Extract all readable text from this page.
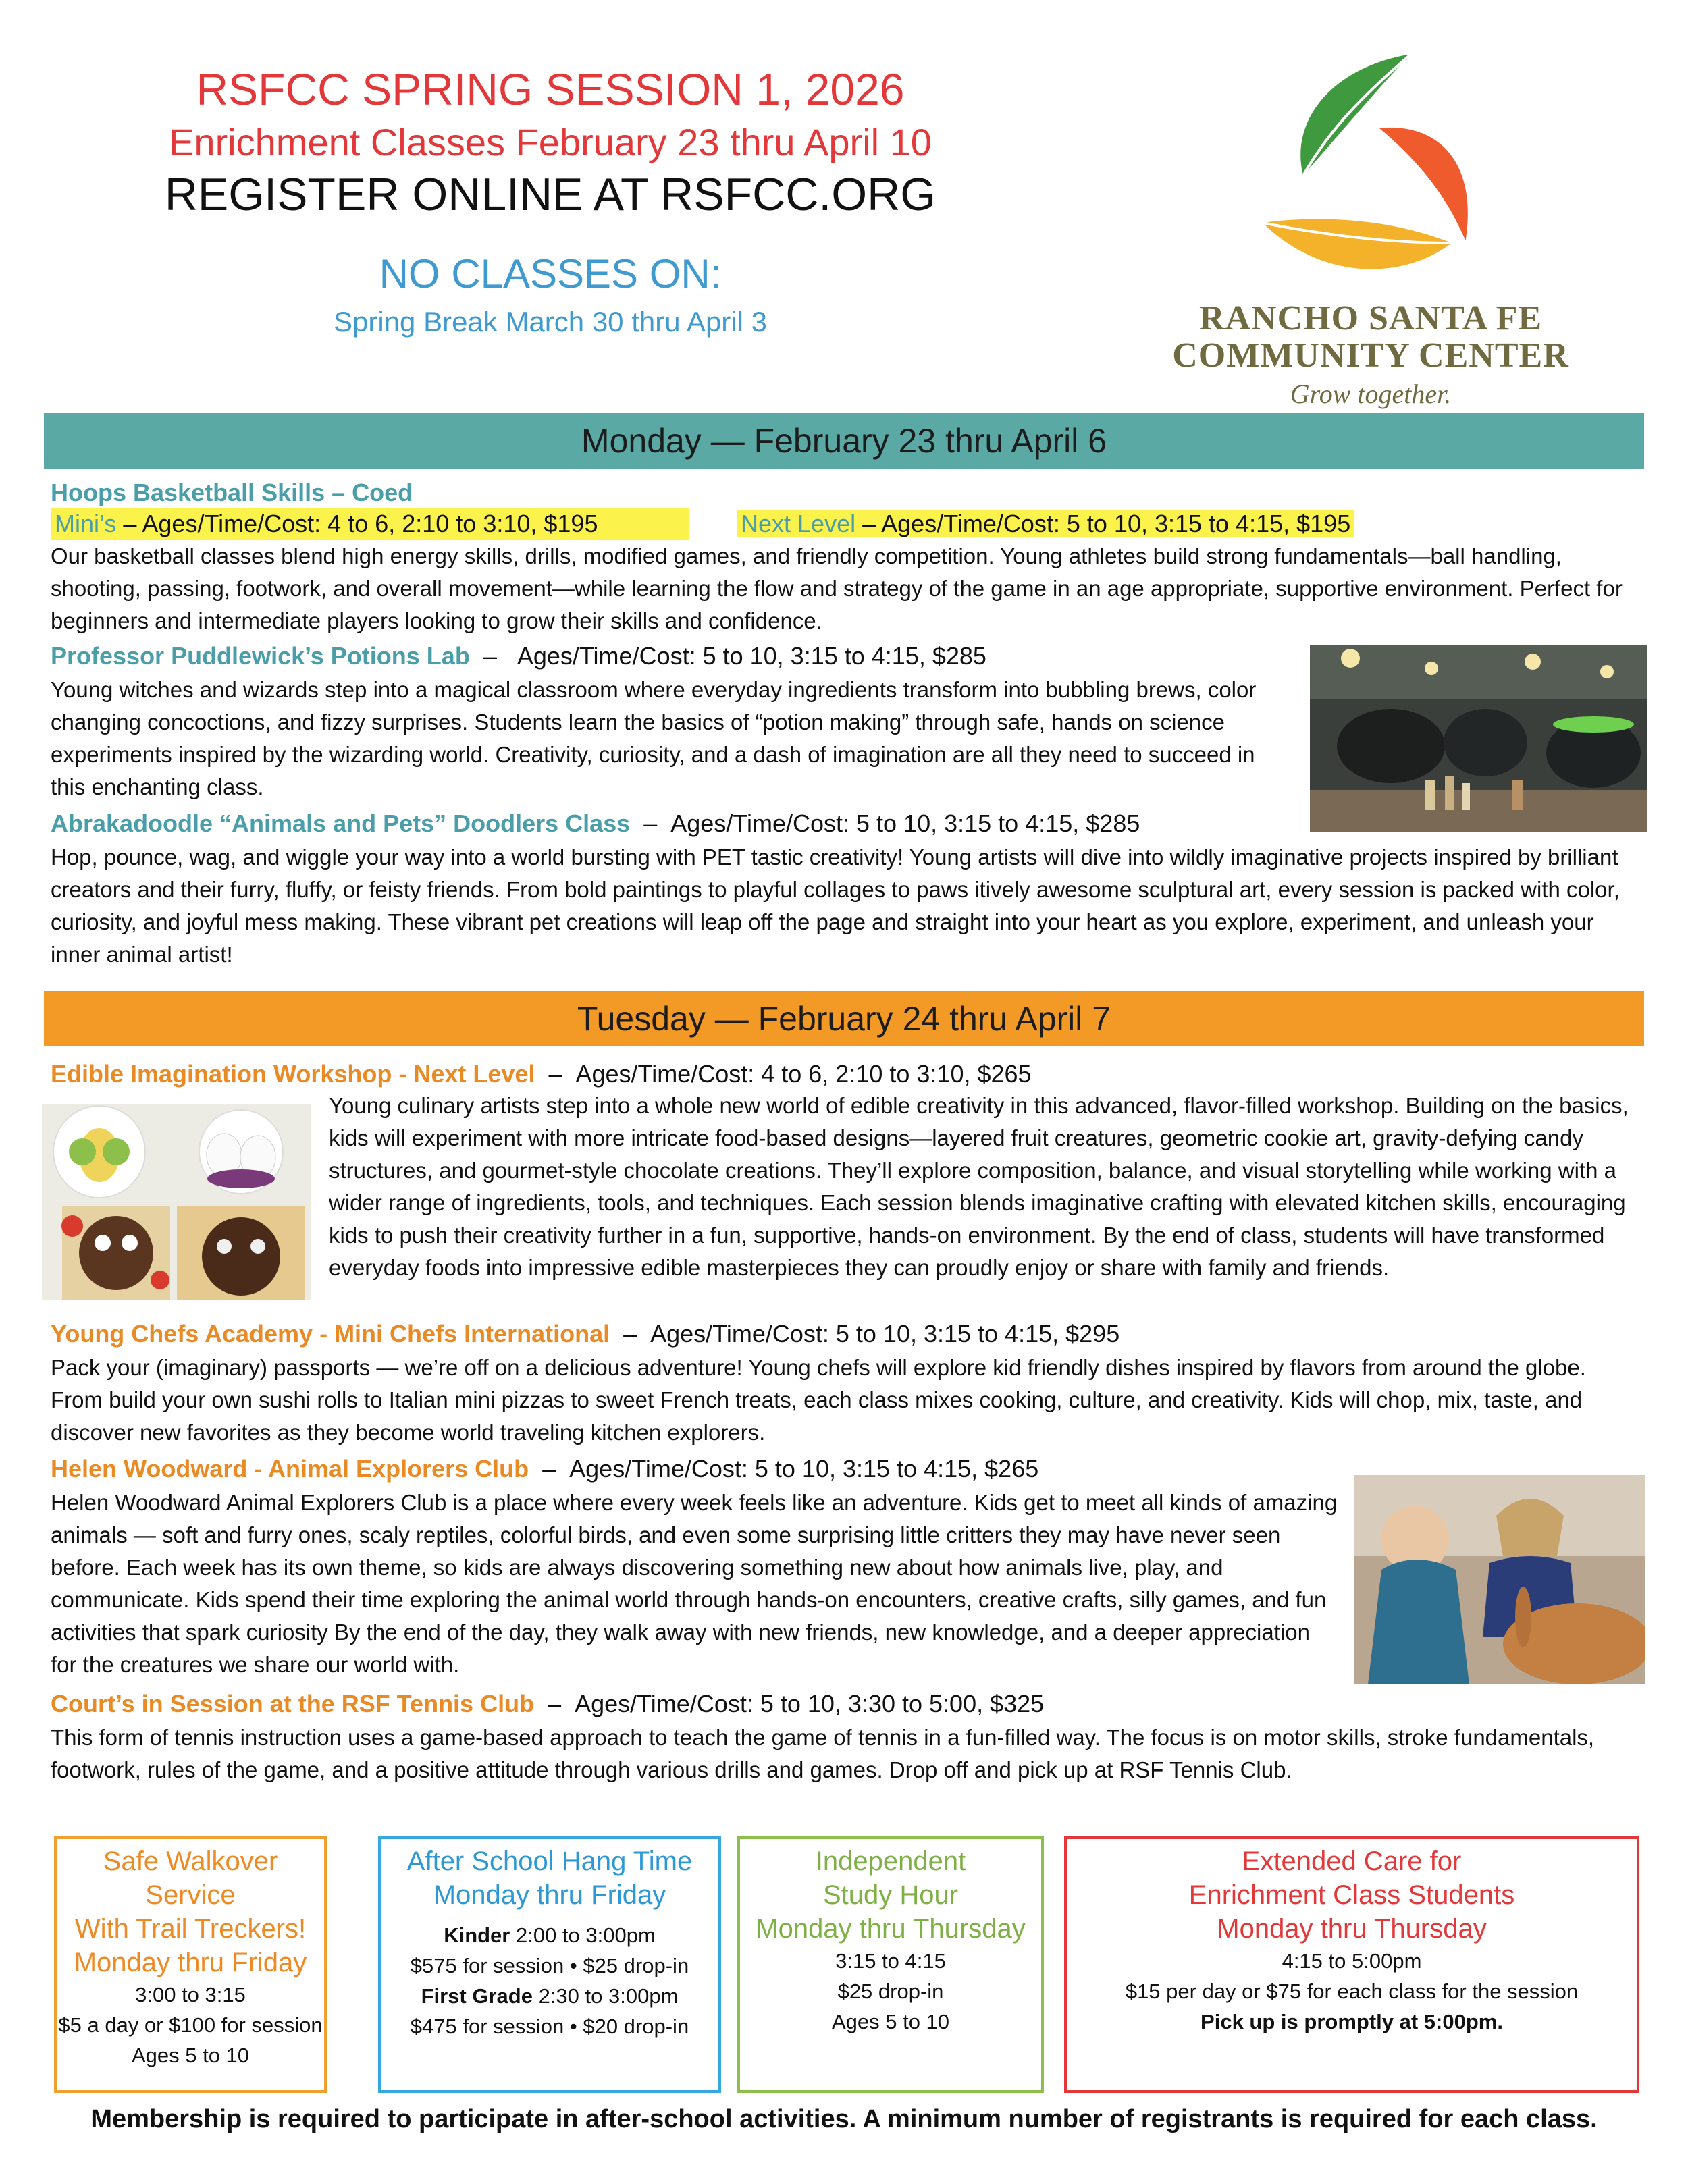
RSFCC SPRING SESSION 1, 2026
Enrichment Classes February 23 thru April 10
REGISTER ONLINE AT RSFCC.ORG
NO CLASSES ON:
Spring Break March 30 thru April 3	RANCHO SANTA FE
COMMUNITY CENTER
Grow together.
Monday — February 23 thru April 6
Hoops Basketball Skills – Coed
Mini’s – Ages/Time/Cost: 4 to 6, 2:10 to 3:10, $195	Next Level – Ages/Time/Cost: 5 to 10, 3:15 to 4:15, $195
Our basketball classes blend high energy skills, drills, modified games, and friendly competition. Young athletes build strong fundamentals—ball handling, shooting, passing, footwork, and overall movement—while learning the flow and strategy of the game in an age appropriate, supportive environment. Perfect for beginners and intermediate players looking to grow their skills and confidence.
Professor Puddlewick’s Potions Lab  –   Ages/Time/Cost: 5 to 10, 3:15 to 4:15, $285
Young witches and wizards step into a magical classroom where everyday ingredients transform into bubbling brews, color changing concoctions, and fizzy surprises. Students learn the basics of “potion making” through safe, hands on science experiments inspired by the wizarding world. Creativity, curiosity, and a dash of imagination are all they need to succeed in this enchanting class.
Abrakadoodle “Animals and Pets” Doodlers Class  –  Ages/Time/Cost: 5 to 10, 3:15 to 4:15, $285
Hop, pounce, wag, and wiggle your way into a world bursting with PET tastic creativity! Young artists will dive into wildly imaginative projects inspired by brilliant creators and their furry, fluffy, or feisty friends. From bold paintings to playful collages to paws itively awesome sculptural art, every session is packed with color, curiosity, and joyful mess making. These vibrant pet creations will leap off the page and straight into your heart as you explore, experiment, and unleash your inner animal artist!
Tuesday — February 24 thru April 7
Edible Imagination Workshop - Next Level  –  Ages/Time/Cost: 4 to 6, 2:10 to 3:10, $265
Young culinary artists step into a whole new world of edible creativity in this advanced, flavor-filled workshop. Building on the basics, kids will experiment with more intricate food-based designs—layered fruit creatures, geometric cookie art, gravity-defying candy structures, and gourmet-style chocolate creations. They’ll explore composition, balance, and visual storytelling while working with a wider range of ingredients, tools, and techniques. Each session blends imaginative crafting with elevated kitchen skills, encouraging kids to push their creativity further in a fun, supportive, hands-on environment. By the end of class, students will have transformed everyday foods into impressive edible masterpieces they can proudly enjoy or share with family and friends.
Young Chefs Academy - Mini Chefs International  –  Ages/Time/Cost: 5 to 10, 3:15 to 4:15, $295
Pack your (imaginary) passports — we’re off on a delicious adventure! Young chefs will explore kid friendly dishes inspired by flavors from around the globe. From build your own sushi rolls to Italian mini pizzas to sweet French treats, each class mixes cooking, culture, and creativity. Kids will chop, mix, taste, and discover new favorites as they become world traveling kitchen explorers.
Helen Woodward - Animal Explorers Club  –  Ages/Time/Cost: 5 to 10, 3:15 to 4:15, $265
Helen Woodward Animal Explorers Club is a place where every week feels like an adventure. Kids get to meet all kinds of amazing animals — soft and furry ones, scaly reptiles, colorful birds, and even some surprising little critters they may have never seen before. Each week has its own theme, so kids are always discovering something new about how animals live, play, and communicate. Kids spend their time exploring the animal world through hands-on encounters, creative crafts, silly games, and fun activities that spark curiosity By the end of the day, they walk away with new friends, new knowledge, and a deeper appreciation for the creatures we share our world with.
Court’s in Session at the RSF Tennis Club  –  Ages/Time/Cost: 5 to 10, 3:30 to 5:00, $325
This form of tennis instruction uses a game-based approach to teach the game of tennis in a fun-filled way. The focus is on motor skills, stroke fundamentals, footwork, rules of the game, and a positive attitude through various drills and games. Drop off and pick up at RSF Tennis Club.
Safe Walkover Service
With Trail Treckers!
Monday thru Friday
3:00 to 3:15
$5 a day or $100 for session
Ages 5 to 10
After School Hang Time
Monday thru Friday
Kinder 2:00 to 3:00pm
$575 for session • $25 drop-in
First Grade 2:30 to 3:00pm
$475 for session • $20 drop-in
Independent
Study Hour
Monday thru Thursday
3:15 to 4:15
$25 drop-in
Ages 5 to 10
Extended Care for
Enrichment Class Students
Monday thru Thursday
4:15 to 5:00pm
$15 per day or $75 for each class for the session
Pick up is promptly at 5:00pm.
Membership is required to participate in after-school activities. A minimum number of registrants is required for each class.
